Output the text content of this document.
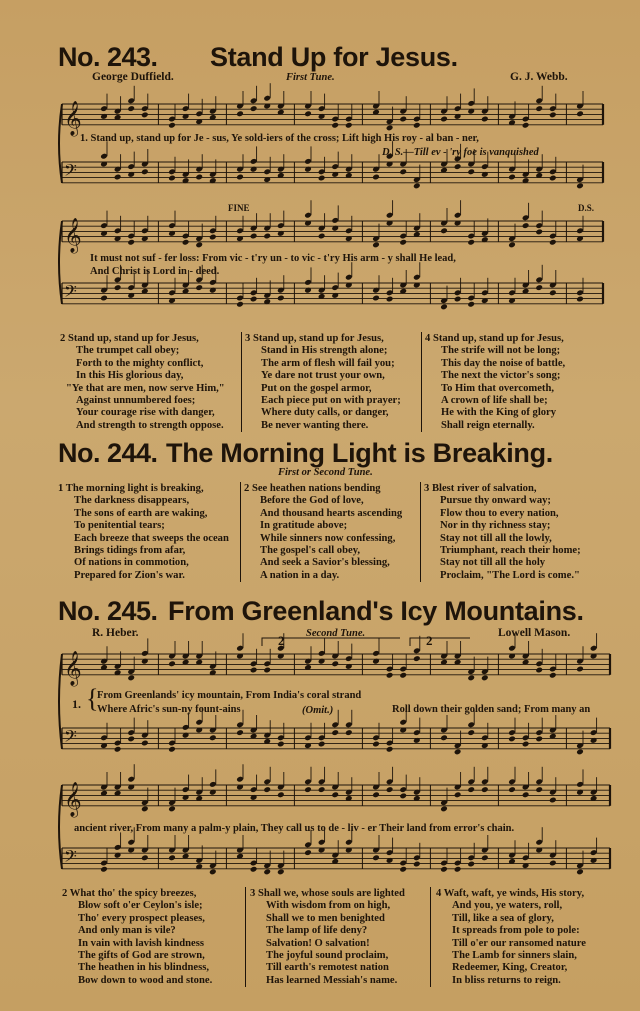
𝄞
𝄢
𝄞
𝄢
𝄞
𝄢
𝄞
𝄢
No. 243. Stand Up for Jesus.
George Duffield.	First Tune.	G. J. Webb.
1. Stand up, stand up for Je - sus, Ye sold-iers of the cross; Lift high His roy - al ban - ner,
D. S.—Till ev - 'ry foe is vanquished
FINE	D.S.
It must not suf - fer loss: From vic - t'ry un - to vic - t'ry His arm - y shall He lead,
And Christ is Lord in - deed.
2 Stand up, stand up for Jesus,
The trumpet call obey;
Forth to the mighty conflict,
In this His glorious day,
"Ye that are men, now serve Him,"
Against unnumbered foes;
Your courage rise with danger,
And strength to strength oppose.
3 Stand up, stand up for Jesus,
Stand in His strength alone;
The arm of flesh will fail you;
Ye dare not trust your own,
Put on the gospel armor,
Each piece put on with prayer;
Where duty calls, or danger,
Be never wanting there.
4 Stand up, stand up for Jesus,
The strife will not be long;
This day the noise of battle,
The next the victor's song;
To Him that overcometh,
A crown of life shall be;
He with the King of glory
Shall reign eternally.
No. 244. The Morning Light is Breaking.
First or Second Tune.
1 The morning light is breaking,
The darkness disappears,
The sons of earth are waking,
To penitential tears;
Each breeze that sweeps the ocean
Brings tidings from afar,
Of nations in commotion,
Prepared for Zion's war.
2 See heathen nations bending
Before the God of love,
And thousand hearts ascending
In gratitude above;
While sinners now confessing,
The gospel's call obey,
And seek a Savior's blessing,
A nation in a day.
3 Blest river of salvation,
Pursue thy onward way;
Flow thou to every nation,
Nor in thy richness stay;
Stay not till all the lowly,
Triumphant, reach their home;
Stay not till all the holy
Proclaim, "The Lord is come."
No. 245. From Greenland's Icy Mountains.
R. Heber.	2 Second Tune.	2	Lowell Mason.
1. {
From Greenlands' icy mountain, From India's coral strand
Where Afric's sun-ny fount-ains	(Omit.)	Roll down their golden sand; From many an
ancient river, From many a palm-y plain, They call us to de - liv - er Their land from error's chain.
2 What tho' the spicy breezes,
Blow soft o'er Ceylon's isle;
Tho' every prospect pleases,
And only man is vile?
In vain with lavish kindness
The gifts of God are strown,
The heathen in his blindness,
Bow down to wood and stone.
3 Shall we, whose souls are lighted
With wisdom from on high,
Shall we to men benighted
The lamp of life deny?
Salvation! O salvation!
The joyful sound proclaim,
Till earth's remotest nation
Has learned Messiah's name.
4 Waft, waft, ye winds, His story,
And you, ye waters, roll,
Till, like a sea of glory,
It spreads from pole to pole:
Till o'er our ransomed nature
The Lamb for sinners slain,
Redeemer, King, Creator,
In bliss returns to reign.
